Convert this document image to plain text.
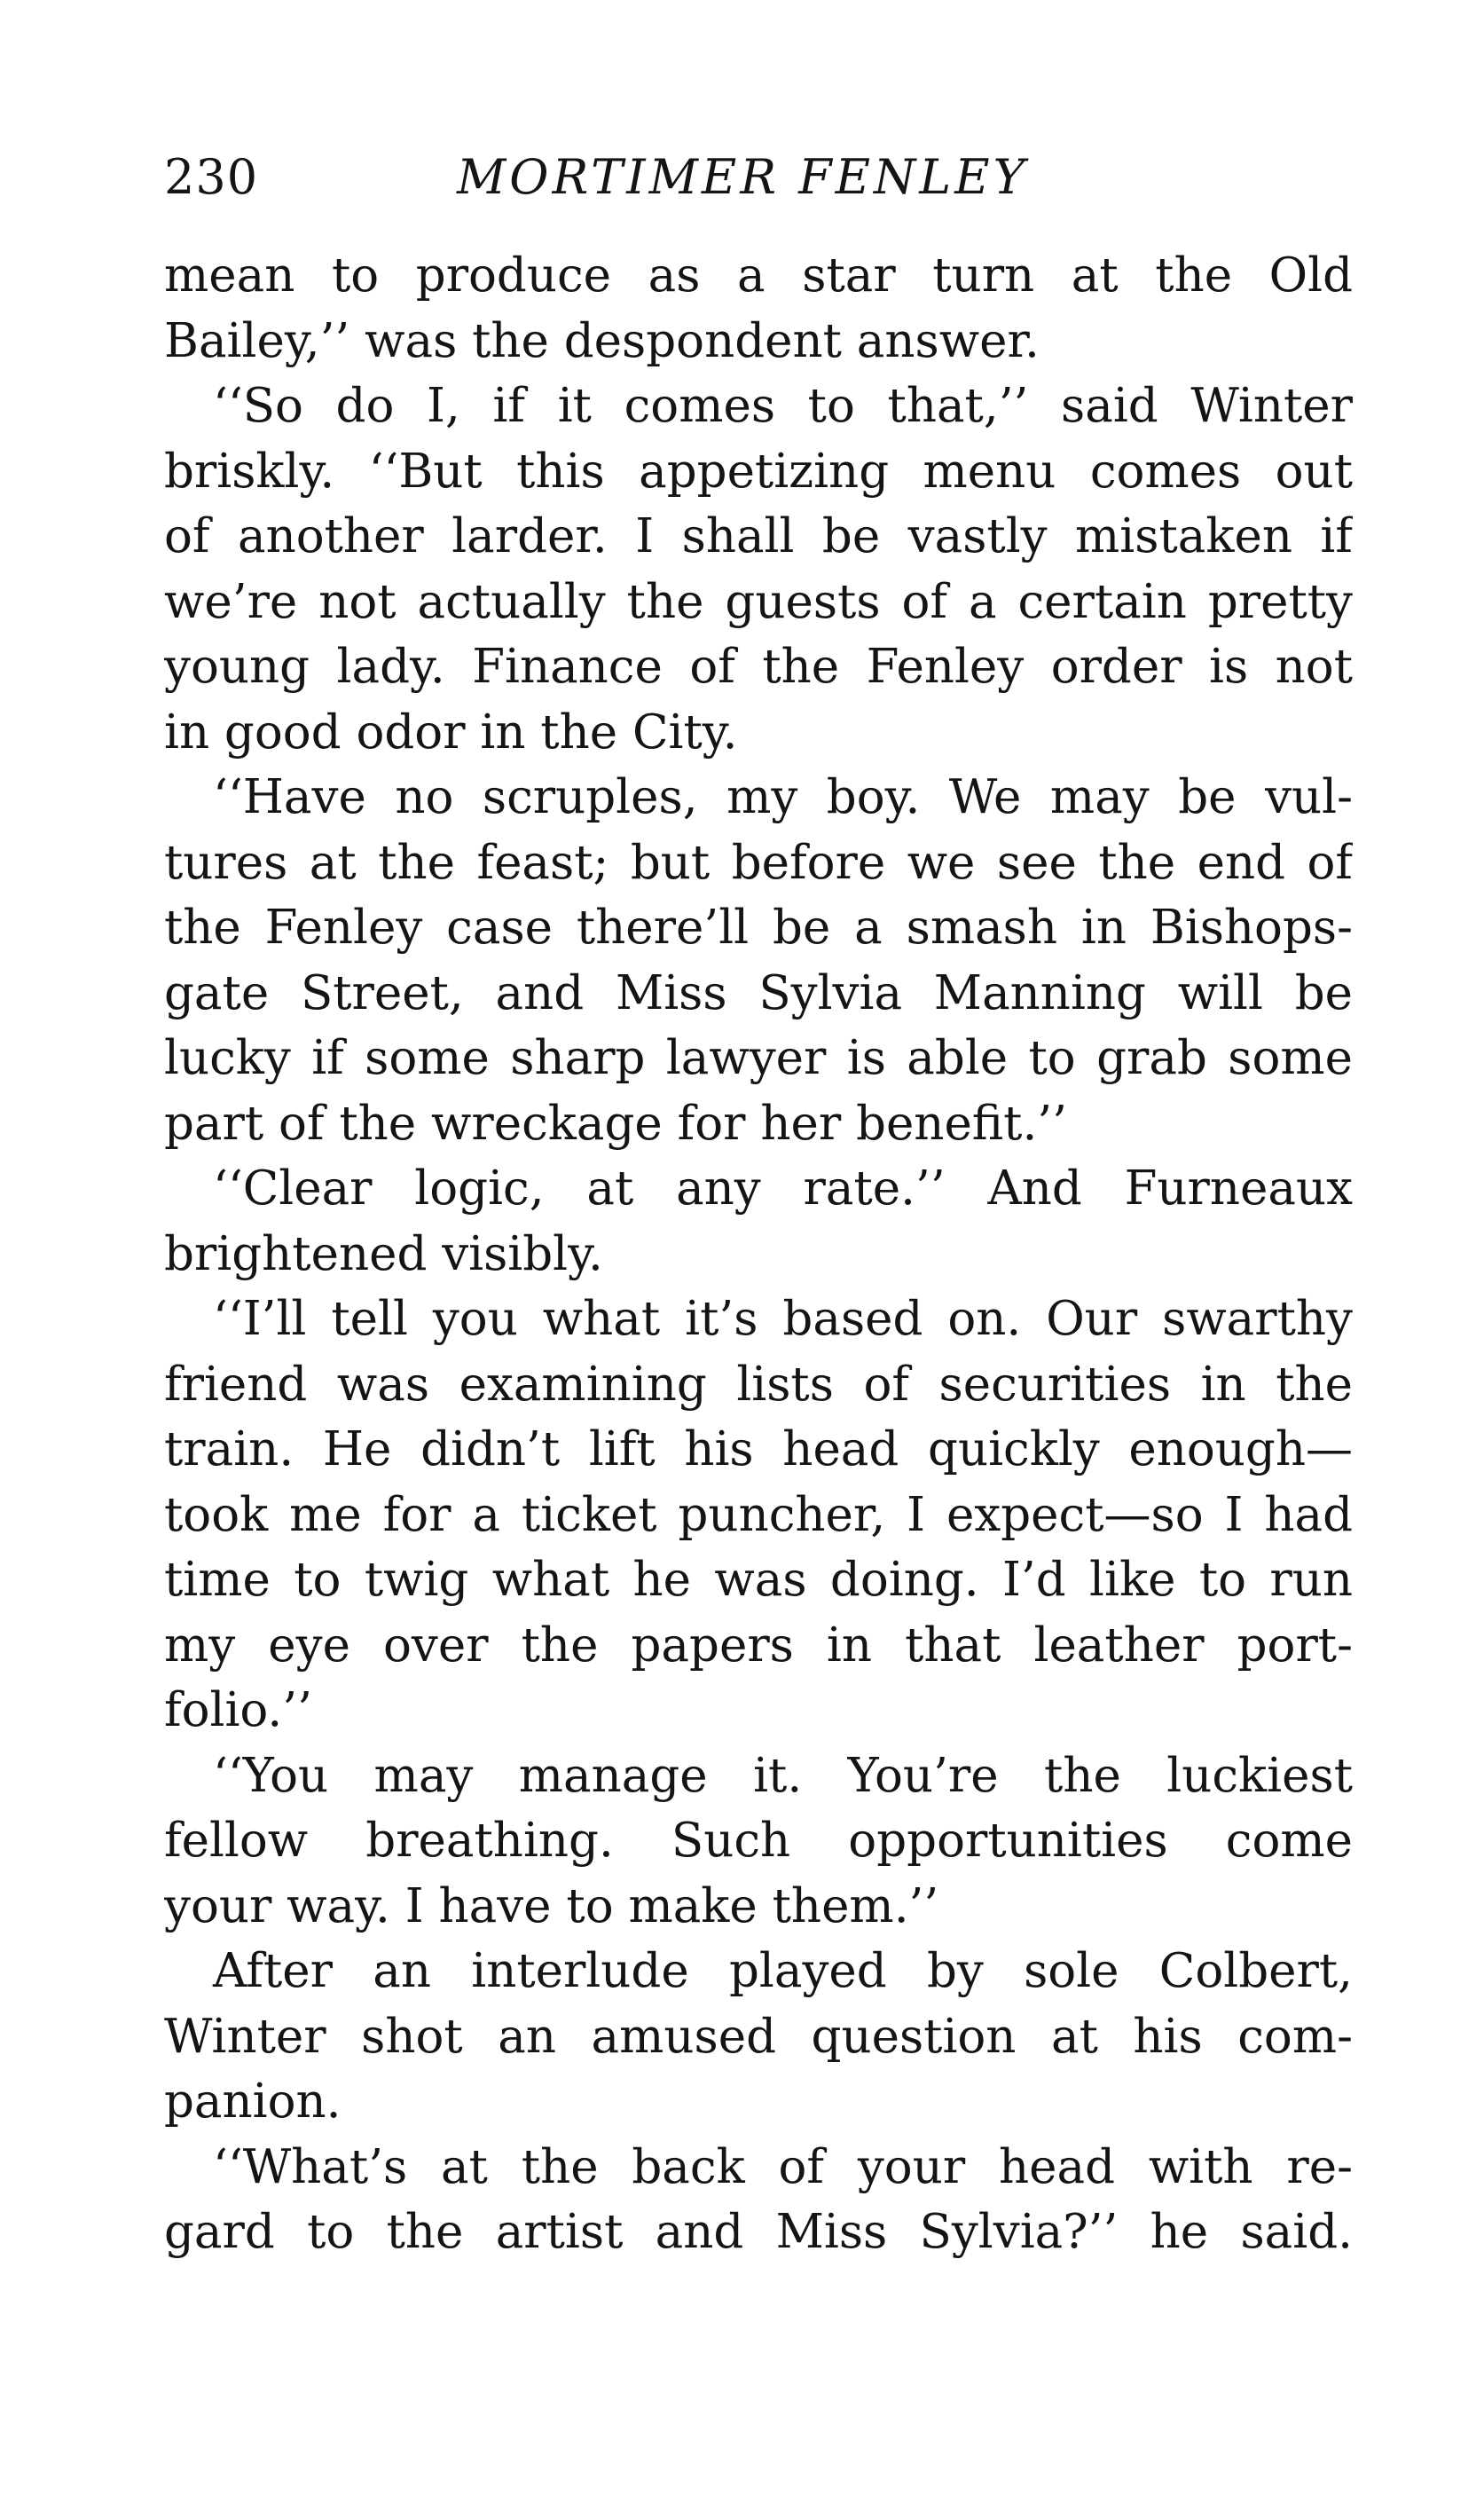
230	MORTIMER FENLEY
mean to produce as a star turn at the Old
Bailey,’’ was the despondent answer.
‘‘So do I, if it comes to that,’’ said Winter
briskly. ‘‘But this appetizing menu comes out
of another larder. I shall be vastly mistaken if
we’re not actually the guests of a certain pretty
young lady. Finance of the Fenley order is not
in good odor in the City.
‘‘Have no scruples, my boy. We may be vul-
tures at the feast; but before we see the end of
the Fenley case there’ll be a smash in Bishops-
gate Street, and Miss Sylvia Manning will be
lucky if some sharp lawyer is able to grab some
part of the wreckage for her benefit.’’
‘‘Clear logic, at any rate.’’ And Furneaux
brightened visibly.
‘‘I’ll tell you what it’s based on. Our swarthy
friend was examining lists of securities in the
train. He didn’t lift his head quickly enough—
took me for a ticket puncher, I expect—so I had
time to twig what he was doing. I’d like to run
my eye over the papers in that leather port-
folio.’’
‘‘You may manage it. You’re the luckiest
fellow breathing. Such opportunities come
your way. I have to make them.’’
After an interlude played by sole Colbert,
Winter shot an amused question at his com-
panion.
‘‘What’s at the back of your head with re-
gard to the artist and Miss Sylvia?’’ he said.
